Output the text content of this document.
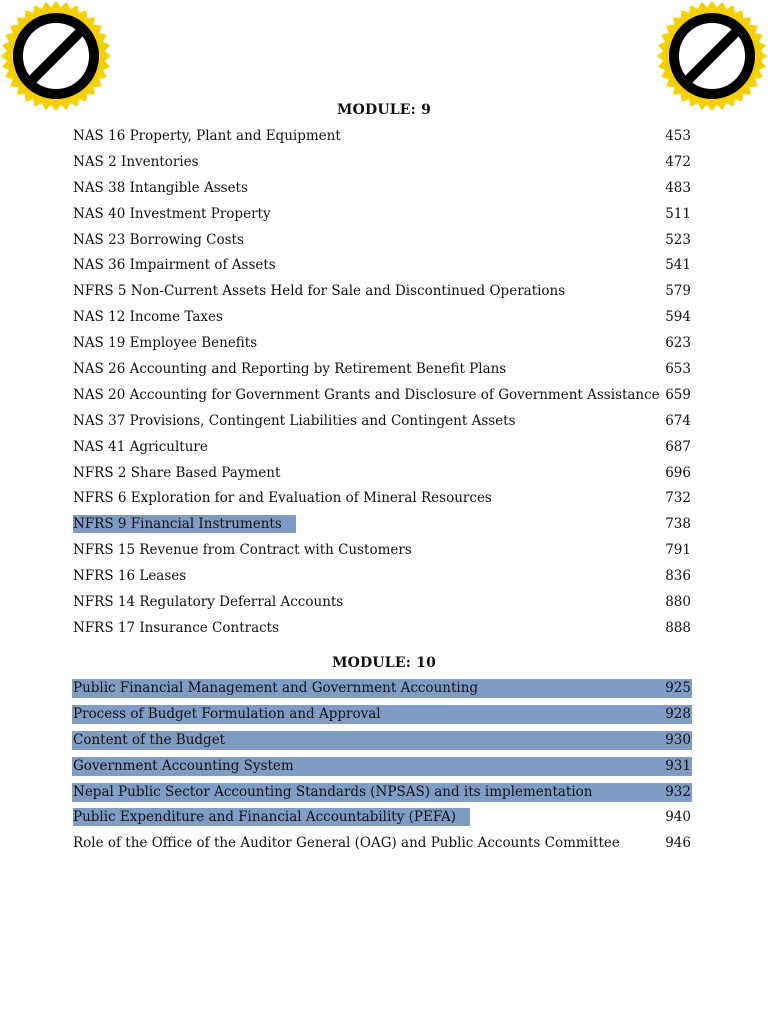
MODULE: 9
NAS 16 Property, Plant and Equipment	453
NAS 2 Inventories	472
NAS 38 Intangible Assets	483
NAS 40 Investment Property	511
NAS 23 Borrowing Costs	523
NAS 36 Impairment of Assets	541
NFRS 5 Non-Current Assets Held for Sale and Discontinued Operations	579
NAS 12 Income Taxes	594
NAS 19 Employee Benefits	623
NAS 26 Accounting and Reporting by Retirement Benefit Plans	653
NAS 20 Accounting for Government Grants and Disclosure of Government Assistance 659
NAS 37 Provisions, Contingent Liabilities and Contingent Assets	674
NAS 41 Agriculture	687
NFRS 2 Share Based Payment	696
NFRS 6 Exploration for and Evaluation of Mineral Resources	732
NFRS 9 Financial Instruments	738
NFRS 15 Revenue from Contract with Customers	791
NFRS 16 Leases	836
NFRS 14 Regulatory Deferral Accounts	880
NFRS 17 Insurance Contracts	888
MODULE: 10
Public Financial Management and Government Accounting	925
Process of Budget Formulation and Approval	928
Content of the Budget	930
Government Accounting System	931
Nepal Public Sector Accounting Standards (NPSAS) and its implementation	932
Public Expenditure and Financial Accountability (PEFA)	940
Role of the Office of the Auditor General (OAG) and Public Accounts Committee	946
